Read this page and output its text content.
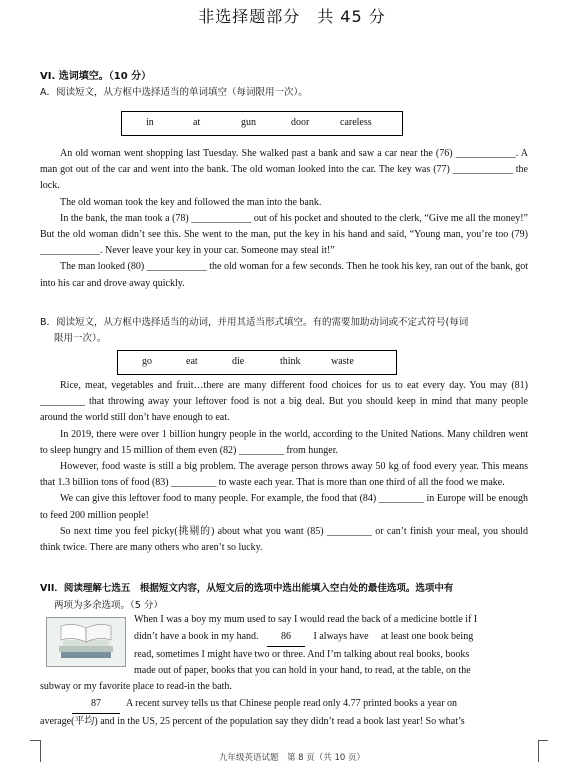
非选择题部分　共 45 分
VI. 选词填空。（10 分）
A．阅读短文，从方框中选择适当的单词填空（每词限用一次）。
in	at	gun	door	careless

An old woman went shopping last Tuesday. She walked past a bank and saw a car near the (76) ____________. A man got out of the car and went into the bank. The old woman looked into the car. The key was (77) ____________ the lock.

The old woman took the key and followed the man into the bank.

In the bank, the man took a (78) ____________ out of his pocket and shouted to the clerk, “Give me all the money!” But the old woman didn’t see this. She went to the man, put the key in his hand and said, “Young man, you’re too (79) ____________. Never leave your key in your car. Someone may steal it!”

The man looked (80) ____________ the old woman for a few seconds. Then he took his key, ran out of the bank, got into his car and drove away quickly.

B．阅读短文，从方框中选择适当的动词，并用其适当形式填空。有的需要加助动词或不定式符号(每词
限用一次）。
go	eat	die	think	waste

Rice, meat, vegetables and fruit…there are many different food choices for us to eat every day. You may (81) _________ that throwing away your leftover food is not a big deal. But you should keep in mind that many people around the world still don’t have enough to eat.

In 2019, there were over 1 billion hungry people in the world, according to the United Nations. Many children went to sleep hungry and 15 million of them even (82) _________ from hunger.

However, food waste is still a big problem. The average person throws away 50 kg of food every year. This means that 1.3 billion tons of food (83) _________ to waste each year. That is more than one third of all the food we make.

We can give this leftover food to many people. For example, the food that (84) _________ in Europe will be enough to feed 200 million people!

So next time you feel picky(挑剔的) about what you want (85) _________ or can’t finish your meal, you should think twice. There are many others who aren’t so lucky.

VII．阅读理解七选五　根据短文内容，从短文后的选项中选出能填入空白处的最佳选项。选项中有
两项为多余选项。（5 分）
When I was a boy my mum used to say I would read the back of a medicine bottle if I
didn’t have a book in my hand. 86 I always have　 at least one book being
read, sometimes I might have two or three. And I’m talking about real books, books
made out of paper, books that you can hold in your hand, to read, at the table, on the
subway or my favorite place to read-in the bath.
87	A recent survey tells us that Chinese people read only 4.77 printed books a year on
average(平均) and in the US, 25 percent of the population say they didn’t read a book last year! So what’s
九年级英语试题　第 8 页（共 10 页）
